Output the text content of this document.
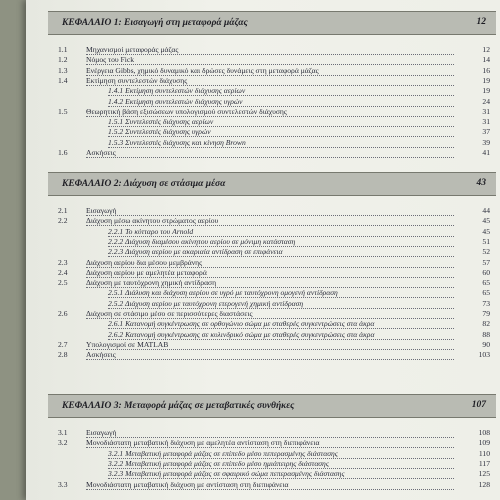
ΚΕΦΑΛΑΙΟ 1: Εισαγωγή στη μεταφορά μάζας	12
1.1 Μηχανισμοί μεταφοράς μάζας	12
1.2 Νόμος του Fick	14
1.3 Ενέργεια Gibbs, χημικό δυναμικό και δρώσες δυνάμεις στη μεταφορά μάζας	16
1.4 Εκτίμηση συντελεστών διάχυσης	19
1.4.1 Εκτίμηση συντελεστών διάχυσης αερίων	19
1.4.2 Εκτίμηση συντελεστών διάχυσης υγρών	24
1.5 Θεωρητική βάση εξισώσεων υπολογισμού συντελεστών διάχυσης	31
1.5.1 Συντελεστές διάχυσης αερίων	31
1.5.2 Συντελεστές διάχυσης υγρών	37
1.5.3 Συντελεστές διάχυσης και κίνηση Brown	39
1.6 Ασκήσεις	41
ΚΕΦΑΛΑΙΟ 2: Διάχυση σε στάσιμα μέσα	43
2.1 Εισαγωγή	44
2.2 Διάχυση μέσω ακίνητου στρώματος αερίου	45
2.2.1 Το κύτταρο του Arnold	45
2.2.2 Διάχυση διαμέσου ακίνητου αερίου σε μόνιμη κατάσταση	51
2.2.3 Διάχυση αερίου με ακαριαία αντίδραση σε επιφάνεια	52
2.3 Διάχυση αερίου δια μέσου μεμβράνης	57
2.4 Διάχυση αερίου με αμελητέα μεταφορά	60
2.5 Διάχυση με ταυτόχρονη χημική αντίδραση	65
2.5.1 Διάλυση και διάχυση αερίου σε υγρό με ταυτόχρονη ομογενή αντίδραση	65
2.5.2 Διάχυση αερίου με ταυτόχρονη ετερογενή χημική αντίδραση	73
2.6 Διάχυση σε στάσιμο μέσο σε περισσότερες διαστάσεις	79
2.6.1 Κατανομή συγκέντρωσης σε ορθογώνιο σώμα με σταθερές συγκεντρώσεις στα άκρα	82
2.6.2 Κατανομή συγκέντρωσης σε κυλινδρικό σώμα με σταθερές συγκεντρώσεις στα άκρα	88
2.7 Υπολογισμοί σε MATLAB	90
2.8 Ασκήσεις	103
ΚΕΦΑΛΑΙΟ 3: Μεταφορά μάζας σε μεταβατικές συνθήκες	107
3.1 Εισαγωγή	108
3.2 Μονοδιάστατη μεταβατική διάχυση με αμελητέα αντίσταση στη διεπιφάνεια	109
3.2.1 Μεταβατική μεταφορά μάζας σε επίπεδο μέσο πεπερασμένης διάστασης	110
3.2.2 Μεταβατική μεταφορά μάζας σε επίπεδο μέσο ημιάπειρης διάστασης	117
3.2.3 Μεταβατική μεταφορά μάζας σε σφαιρικό σώμα πεπερασμένης διάστασης	125
3.3 Μονοδιάστατη μεταβατική διάχυση με αντίσταση στη διεπιφάνεια	128
